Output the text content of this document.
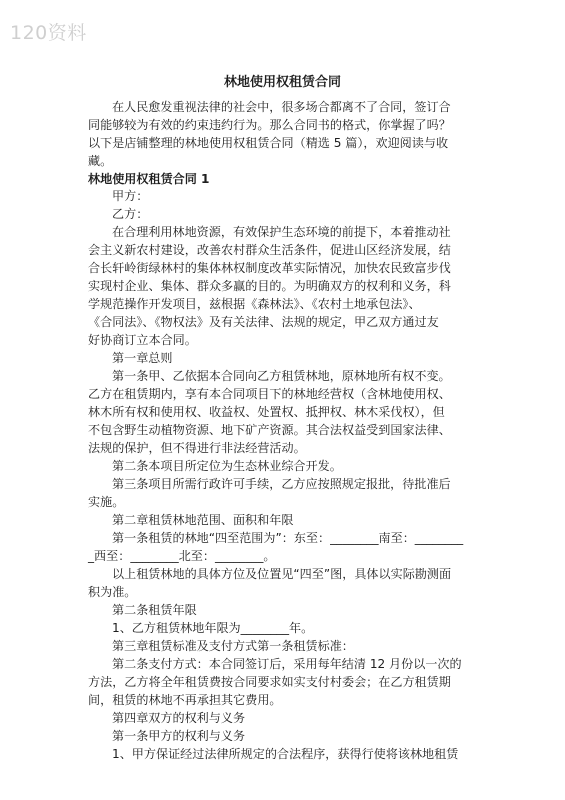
120资料
林地使用权租赁合同
在人民愈发重视法律的社会中，很多场合都离不了合同，签订合
同能够较为有效的约束违约行为。那么合同书的格式，你掌握了吗？
以下是店铺整理的林地使用权租赁合同（精选 5 篇），欢迎阅读与收
藏。
林地使用权租赁合同 1
甲方：
乙方：
在合理利用林地资源，有效保护生态环境的前提下，本着推动社
会主义新农村建设，改善农村群众生活条件，促进山区经济发展，结
合长轩岭街绿林村的集体林权制度改革实际情况，加快农民致富步伐
实现村企业、集体、群众多赢的目的。为明确双方的权利和义务，科
学规范操作开发项目，兹根据《森林法》、《农村土地承包法》、
《合同法》、《物权法》及有关法律、法规的规定，甲乙双方通过友
好协商订立本合同。
第一章总则
第一条甲、乙依据本合同向乙方租赁林地，原林地所有权不变。
乙方在租赁期内，享有本合同项目下的林地经营权（含林地使用权、
林木所有权和使用权、收益权、处置权、抵押权、林木采伐权），但
不包含野生动植物资源、地下矿产资源。其合法权益受到国家法律、
法规的保护，但不得进行非法经营活动。
第二条本项目所定位为生态林业综合开发。
第三条项目所需行政许可手续，乙方应按照规定报批，待批准后
实施。
第二章租赁林地范围、面积和年限
第一条租赁的林地“四至范围为”：东至：________南至：________
_西至：________北至：________。
以上租赁林地的具体方位及位置见“四至”图，具体以实际勘测面
积为准。
第二条租赁年限
1、乙方租赁林地年限为________年。
第三章租赁标准及支付方式第一条租赁标准：
第二条支付方式：本合同签订后，采用每年结清 12 月份以一次的
方法，乙方将全年租赁费按合同要求如实支付村委会；在乙方租赁期
间，租赁的林地不再承担其它费用。
第四章双方的权利与义务
第一条甲方的权利与义务
1、甲方保证经过法律所规定的合法程序，获得行使将该林地租赁
